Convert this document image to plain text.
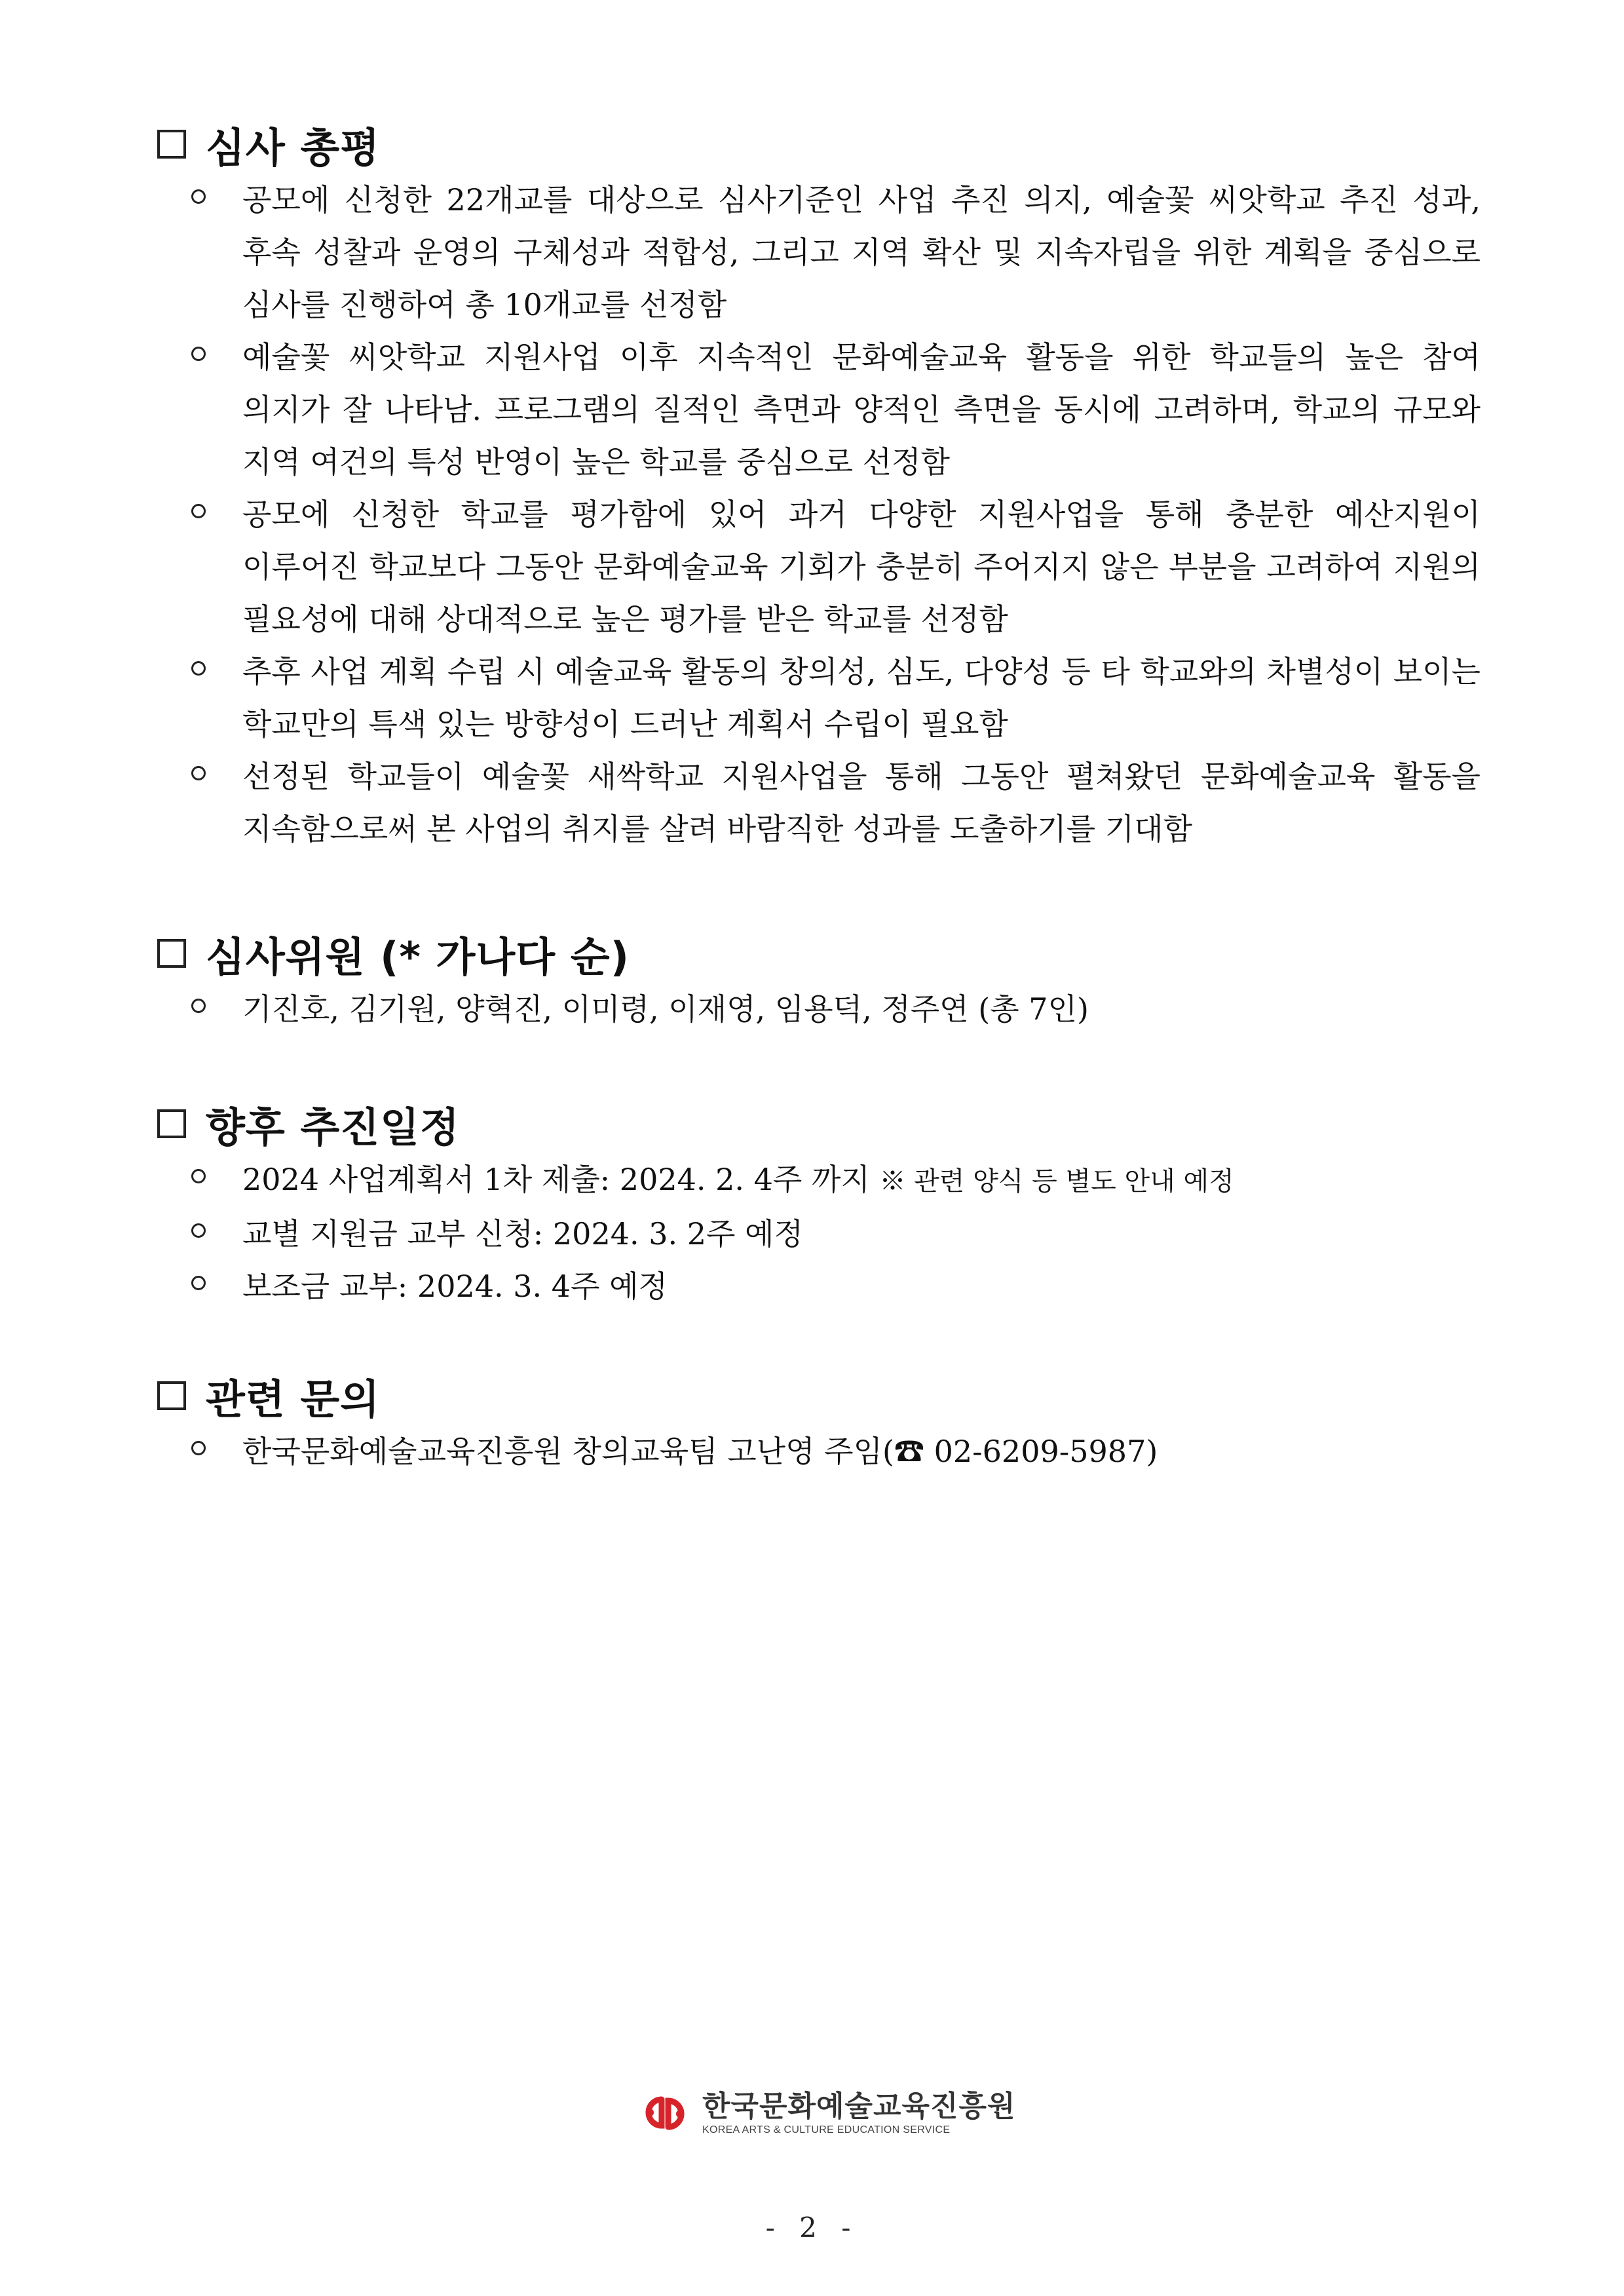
심사 총평
공모에 신청한 22개교를 대상으로 심사기준인 사업 추진 의지, 예술꽃 씨앗학교 추진 성과, 후속 성찰과 운영의 구체성과 적합성, 그리고 지역 확산 및 지속자립을 위한 계획을 중심으로 심사를 진행하여 총 10개교를 선정함
예술꽃 씨앗학교 지원사업 이후 지속적인 문화예술교육 활동을 위한 학교들의 높은 참여 의지가 잘 나타남. 프로그램의 질적인 측면과 양적인 측면을 동시에 고려하며, 학교의 규모와 지역 여건의 특성 반영이 높은 학교를 중심으로 선정함
공모에 신청한 학교를 평가함에 있어 과거 다양한 지원사업을 통해 충분한 예산지원이 이루어진 학교보다 그동안 문화예술교육 기회가 충분히 주어지지 않은 부분을 고려하여 지원의 필요성에 대해 상대적으로 높은 평가를 받은 학교를 선정함
추후 사업 계획 수립 시 예술교육 활동의 창의성, 심도, 다양성 등 타 학교와의 차별성이 보이는 학교만의 특색 있는 방향성이 드러난 계획서 수립이 필요함
선정된 학교들이 예술꽃 새싹학교 지원사업을 통해 그동안 펼쳐왔던 문화예술교육 활동을 지속함으로써 본 사업의 취지를 살려 바람직한 성과를 도출하기를 기대함
심사위원 (* 가나다 순)
기진호, 김기원, 양혁진, 이미령, 이재영, 임용덕, 정주연 (총 7인)
향후 추진일정
2024 사업계획서 1차 제출: 2024. 2. 4주 까지 ※ 관련 양식 등 별도 안내 예정
교별 지원금 교부 신청: 2024. 3. 2주 예정
보조금 교부: 2024. 3. 4주 예정
관련 문의
한국문화예술교육진흥원 창의교육팀 고난영 주임(☎ 02-6209-5987)
한국문화예술교육진흥원
KOREA ARTS & CULTURE EDUCATION SERVICE
- 2 -
